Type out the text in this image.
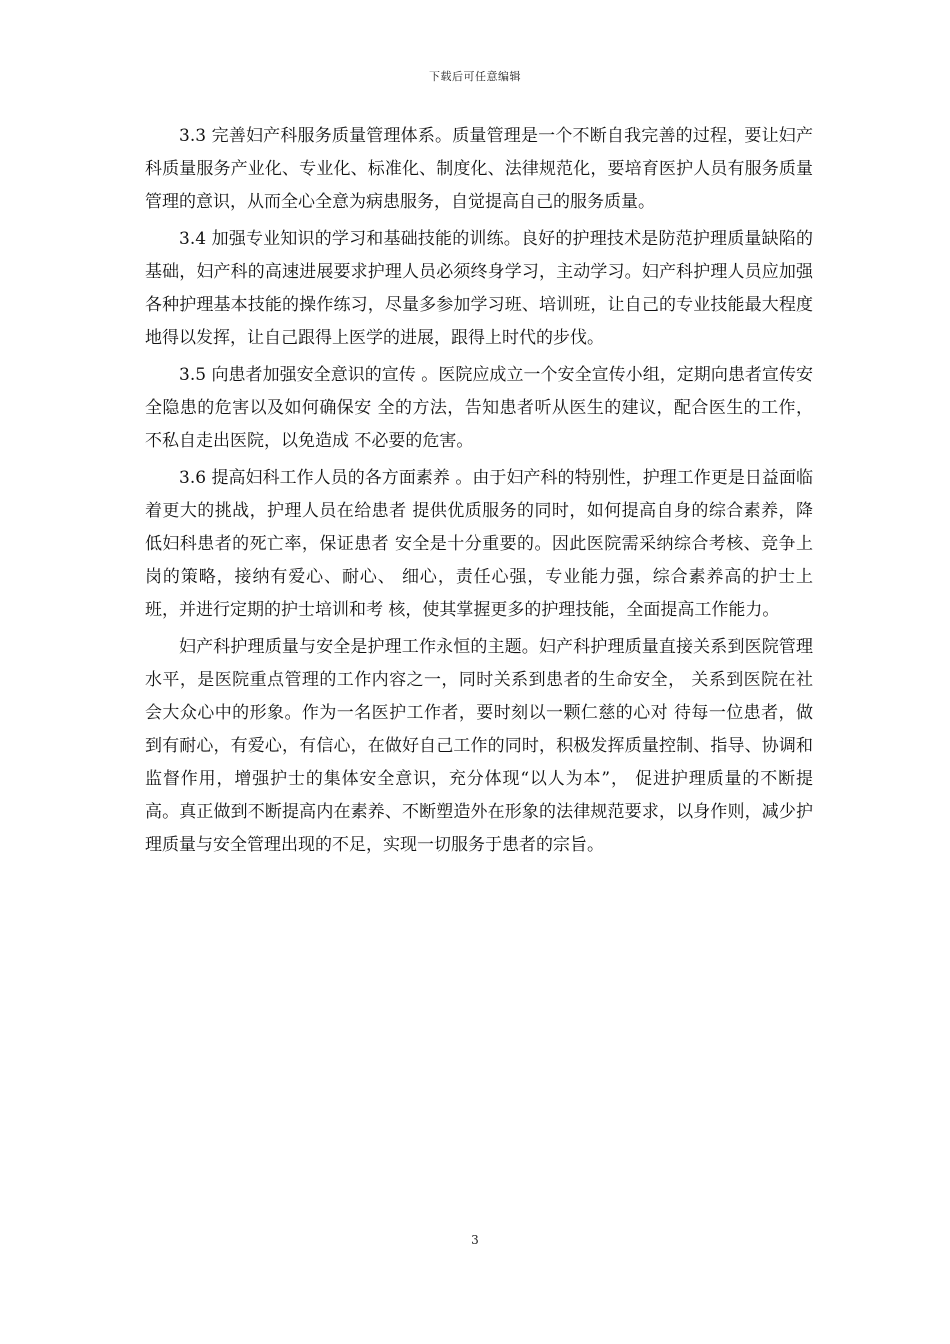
下载后可任意编辑

3.3 完善妇产科服务质量管理体系。质量管理是一个不断自我完善的过程，要让妇产科质量服务产业化、专业化、标准化、制度化、法律规范化，要培育医护人员有服务质量管理的意识，从而全心全意为病患服务，自觉提高自己的服务质量。

3.4 加强专业知识的学习和基础技能的训练。良好的护理技术是防范护理质量缺陷的基础，妇产科的高速进展要求护理人员必须终身学习，主动学习。妇产科护理人员应加强各种护理基本技能的操作练习，尽量多参加学习班、培训班，让自己的专业技能最大程度地得以发挥，让自己跟得上医学的进展，跟得上时代的步伐。

3.5 向患者加强安全意识的宣传 。医院应成立一个安全宣传小组，定期向患者宣传安全隐患的危害以及如何确保安 全的方法，告知患者听从医生的建议，配合医生的工作，不私自走出医院，以免造成 不必要的危害。

3.6 提高妇科工作人员的各方面素养 。由于妇产科的特别性，护理工作更是日益面临着更大的挑战，护理人员在给患者 提供优质服务的同时，如何提高自身的综合素养，降低妇科患者的死亡率，保证患者 安全是十分重要的。因此医院需采纳综合考核、竞争上岗的策略，接纳有爱心、耐心、 细心，责任心强，专业能力强，综合素养高的护士上班，并进行定期的护士培训和考 核，使其掌握更多的护理技能，全面提高工作能力。

妇产科护理质量与安全是护理工作永恒的主题。妇产科护理质量直接关系到医院管理水平，是医院重点管理的工作内容之一，同时关系到患者的生命安全， 关系到医院在社会大众心中的形象。作为一名医护工作者，要时刻以一颗仁慈的心对 待每一位患者，做到有耐心，有爱心，有信心，在做好自己工作的同时，积极发挥质量控制、指导、协调和监督作用，增强护士的集体安全意识，充分体现“以人为本”， 促进护理质量的不断提高。真正做到不断提高内在素养、不断塑造外在形象的法律规范要求，以身作则，减少护理质量与安全管理出现的不足，实现一切服务于患者的宗旨。

3
